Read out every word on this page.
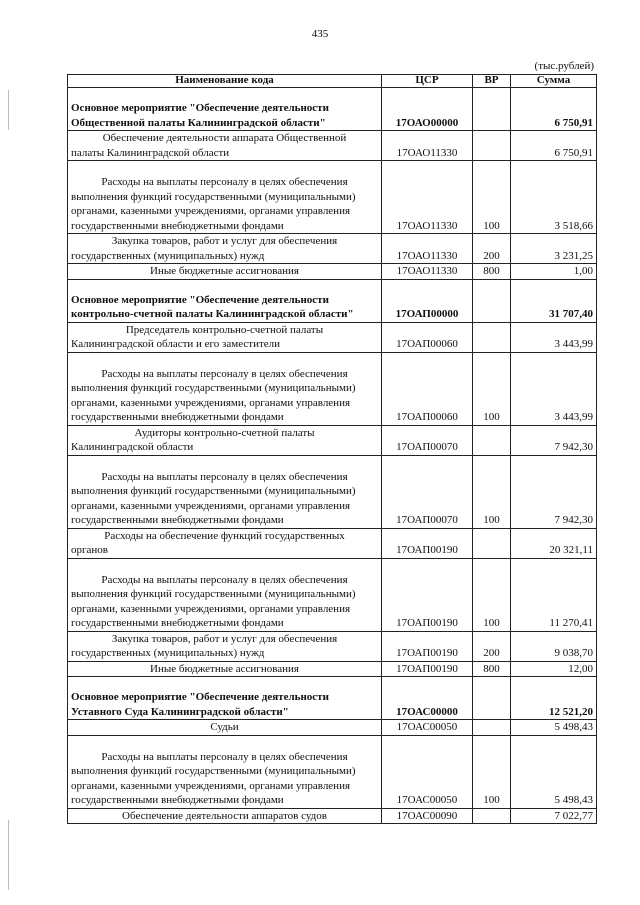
435
(тыс.рублей)
Наименование кода	ЦСР	ВР	Сумма

Основное мероприятие "Обеспечение деятельности
Общественной палаты Калининградской области"	17ОАО00000		6 750,91

Обеспечение деятельности аппарата Общественной
палаты Калининградской области	17ОАО11330		6 750,91

Расходы на выплаты персоналу в целях обеспечения
выполнения функций государственными (муниципальными) органами, казенными учреждениями, органами управления государственными внебюджетными фондами	17ОАО11330	100	3 518,66

Закупка товаров, работ и услуг для обеспечения
государственных (муниципальных) нужд	17ОАО11330	200	3 231,25

Иные бюджетные ассигнования	17ОАО11330	800	1,00

Основное мероприятие "Обеспечение деятельности
контрольно-счетной палаты Калининградской области"	17ОАП00000		31 707,40

Председатель контрольно-счетной палаты
Калининградской области и его заместители	17ОАП00060		3 443,99

Расходы на выплаты персоналу в целях обеспечения
выполнения функций государственными (муниципальными) органами, казенными учреждениями, органами управления государственными внебюджетными фондами	17ОАП00060	100	3 443,99

Аудиторы контрольно-счетной палаты
Калининградской области	17ОАП00070		7 942,30

Расходы на выплаты персоналу в целях обеспечения
выполнения функций государственными (муниципальными) органами, казенными учреждениями, органами управления государственными внебюджетными фондами	17ОАП00070	100	7 942,30

Расходы на обеспечение функций государственных
органов	17ОАП00190		20 321,11

Расходы на выплаты персоналу в целях обеспечения
выполнения функций государственными (муниципальными) органами, казенными учреждениями, органами управления государственными внебюджетными фондами	17ОАП00190	100	11 270,41

Закупка товаров, работ и услуг для обеспечения
государственных (муниципальных) нужд	17ОАП00190	200	9 038,70

Иные бюджетные ассигнования	17ОАП00190	800	12,00

Основное мероприятие "Обеспечение деятельности
Уставного Суда Калининградской области"	17ОАС00000		12 521,20

Судьи	17ОАС00050		5 498,43

Расходы на выплаты персоналу в целях обеспечения
выполнения функций государственными (муниципальными) органами, казенными учреждениями, органами управления государственными внебюджетными фондами	17ОАС00050	100	5 498,43

Обеспечение деятельности аппаратов судов	17ОАС00090		7 022,77
